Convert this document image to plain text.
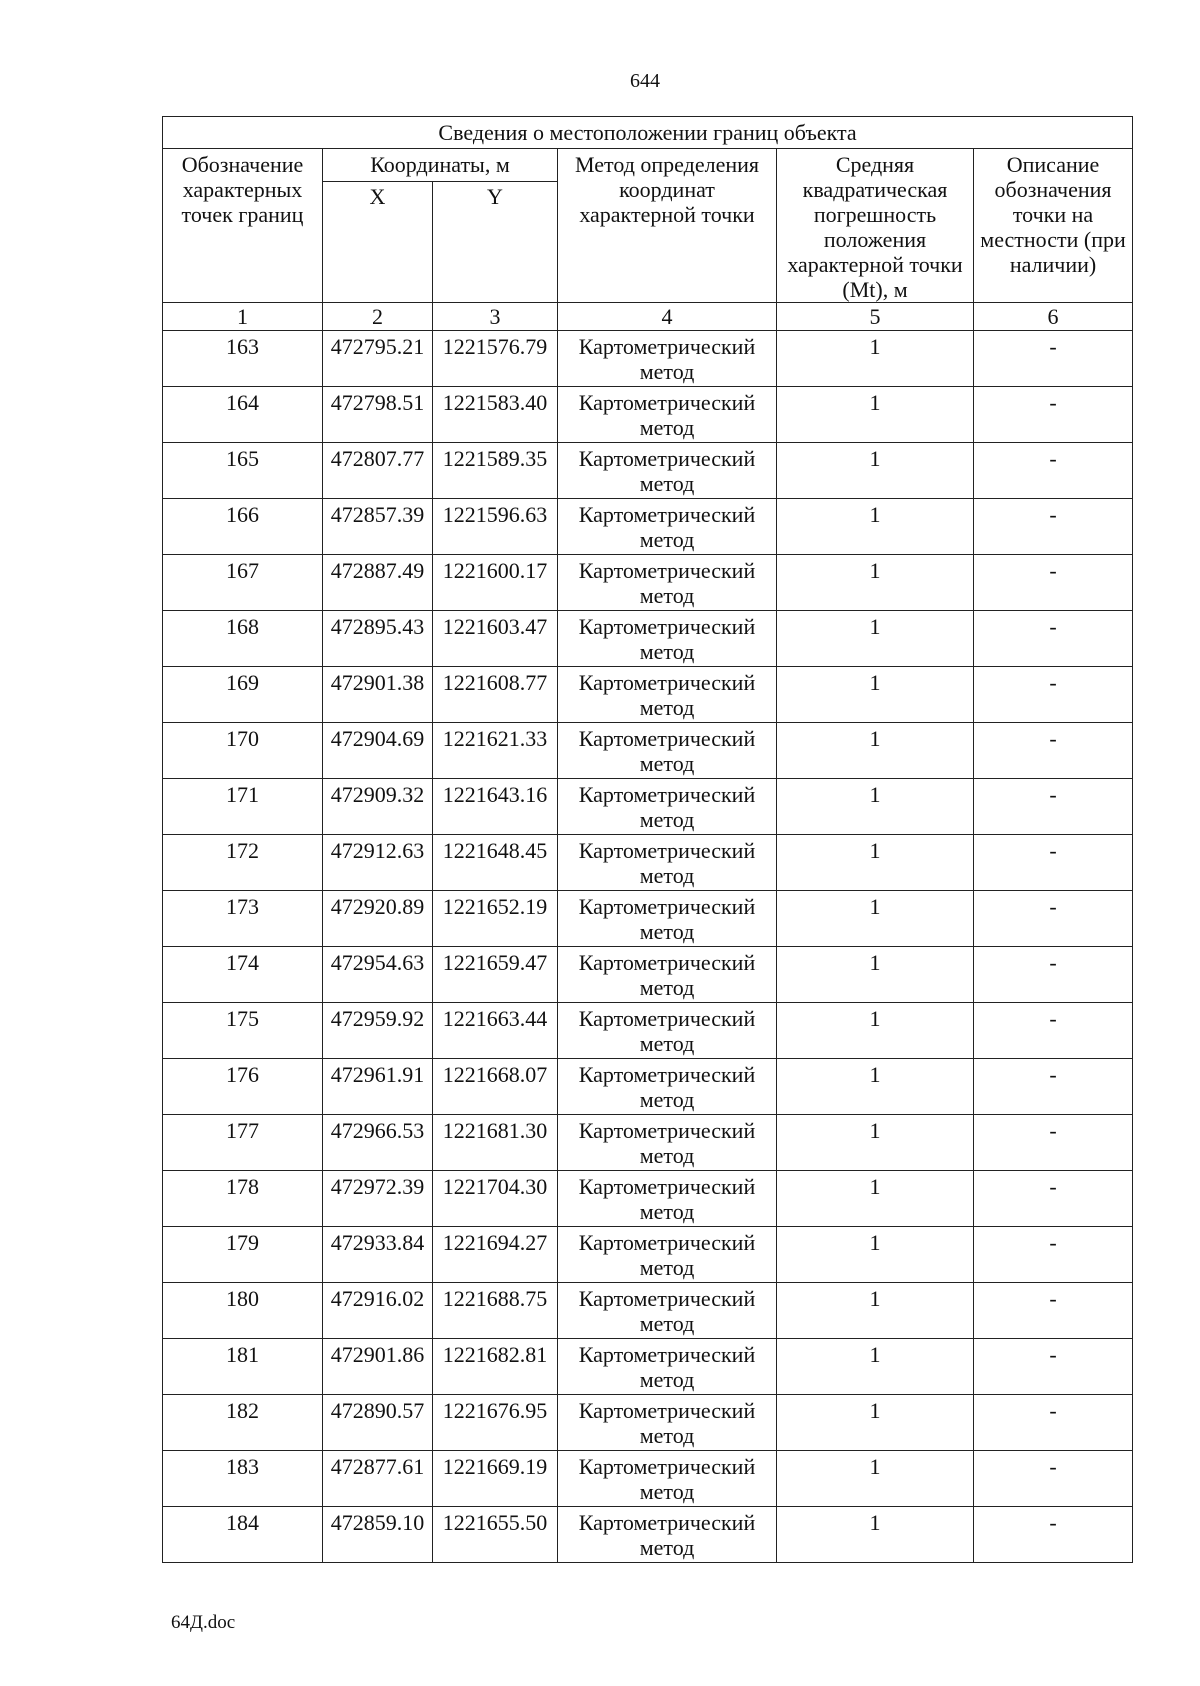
644
Сведения о местоположении границ объекта					
Обозначение характерных точек границ	Координаты, м		Метод определения координат характерной точки	Средняя квадратическая погрешность положения характерной точки (Mt), м	Описание обозначения точки на местности (при наличии)
	X	Y			
1	2	3	4	5	6
163	472795.21	1221576.79	Картометрический метод	1	-
164	472798.51	1221583.40	Картометрический метод	1	-
165	472807.77	1221589.35	Картометрический метод	1	-
166	472857.39	1221596.63	Картометрический метод	1	-
167	472887.49	1221600.17	Картометрический метод	1	-
168	472895.43	1221603.47	Картометрический метод	1	-
169	472901.38	1221608.77	Картометрический метод	1	-
170	472904.69	1221621.33	Картометрический метод	1	-
171	472909.32	1221643.16	Картометрический метод	1	-
172	472912.63	1221648.45	Картометрический метод	1	-
173	472920.89	1221652.19	Картометрический метод	1	-
174	472954.63	1221659.47	Картометрический метод	1	-
175	472959.92	1221663.44	Картометрический метод	1	-
176	472961.91	1221668.07	Картометрический метод	1	-
177	472966.53	1221681.30	Картометрический метод	1	-
178	472972.39	1221704.30	Картометрический метод	1	-
179	472933.84	1221694.27	Картометрический метод	1	-
180	472916.02	1221688.75	Картометрический метод	1	-
181	472901.86	1221682.81	Картометрический метод	1	-
182	472890.57	1221676.95	Картометрический метод	1	-
183	472877.61	1221669.19	Картометрический метод	1	-
184	472859.10	1221655.50	Картометрический метод	1	-
64Д.doc
